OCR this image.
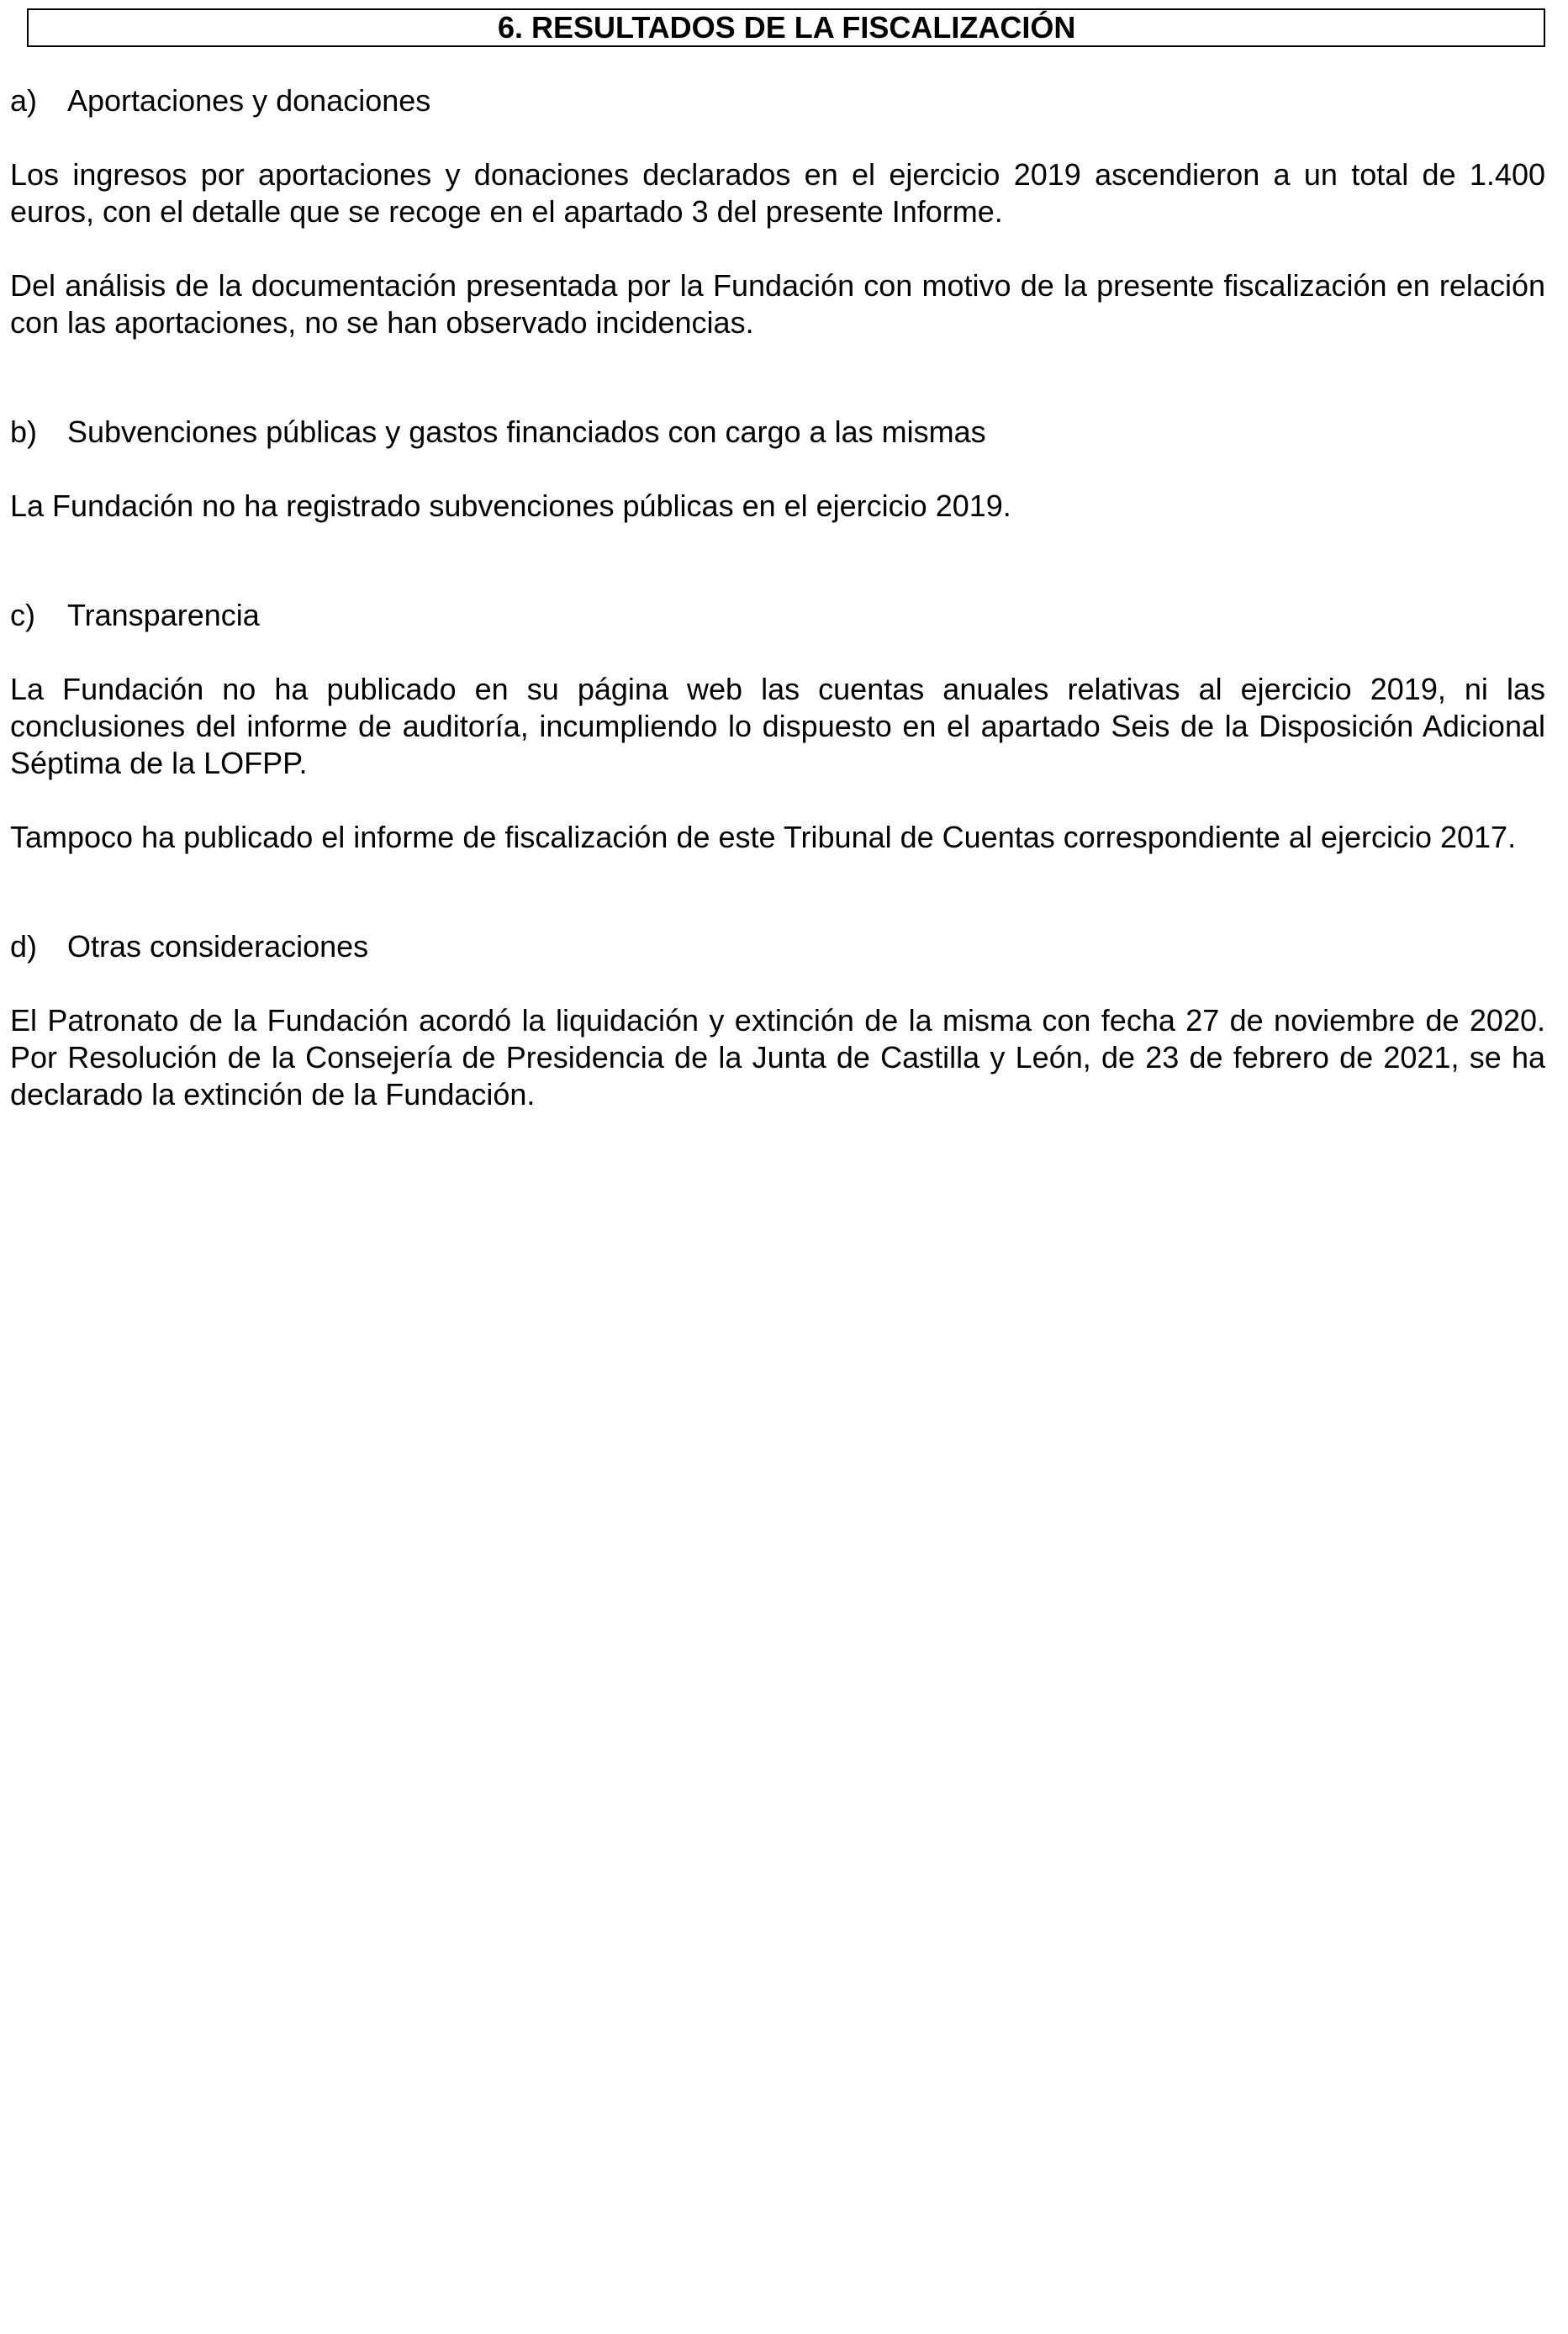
6. RESULTADOS DE LA FISCALIZACIÓN
a) Aportaciones y donaciones

Los ingresos por aportaciones y donaciones declarados en el ejercicio 2019 ascendieron a un total de 1.400 euros, con el detalle que se recoge en el apartado 3 del presente Informe.

Del análisis de la documentación presentada por la Fundación con motivo de la presente fiscalización en relación con las aportaciones, no se han observado incidencias.

b) Subvenciones públicas y gastos financiados con cargo a las mismas

La Fundación no ha registrado subvenciones públicas en el ejercicio 2019.

c) Transparencia

La Fundación no ha publicado en su página web las cuentas anuales relativas al ejercicio 2019, ni las conclusiones del informe de auditoría, incumpliendo lo dispuesto en el apartado Seis de la Disposición Adicional Séptima de la LOFPP.

Tampoco ha publicado el informe de fiscalización de este Tribunal de Cuentas correspondiente al ejercicio 2017.

d) Otras consideraciones

El Patronato de la Fundación acordó la liquidación y extinción de la misma con fecha 27 de noviembre de 2020. Por Resolución de la Consejería de Presidencia de la Junta de Castilla y León, de 23 de febrero de 2021, se ha declarado la extinción de la Fundación.
